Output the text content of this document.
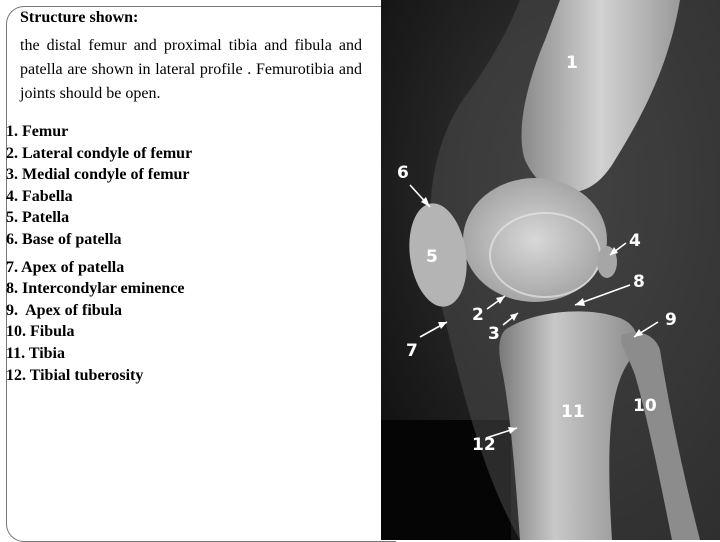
Structure shown:
the distal femur and proximal tibia and fibula and patella are shown in lateral profile . Femurotibia and joints should be open.
1. Femur
2. Lateral condyle of femur
3. Medial condyle of femur
4. Fabella
5. Patella
6. Base of patella
7. Apex of patella
8. Intercondylar eminence
9.  Apex of fibula
10. Fibula
11. Tibia
12. Tibial tuberosity
1
6
4
5
8
2	9
3
7
10
11
12
